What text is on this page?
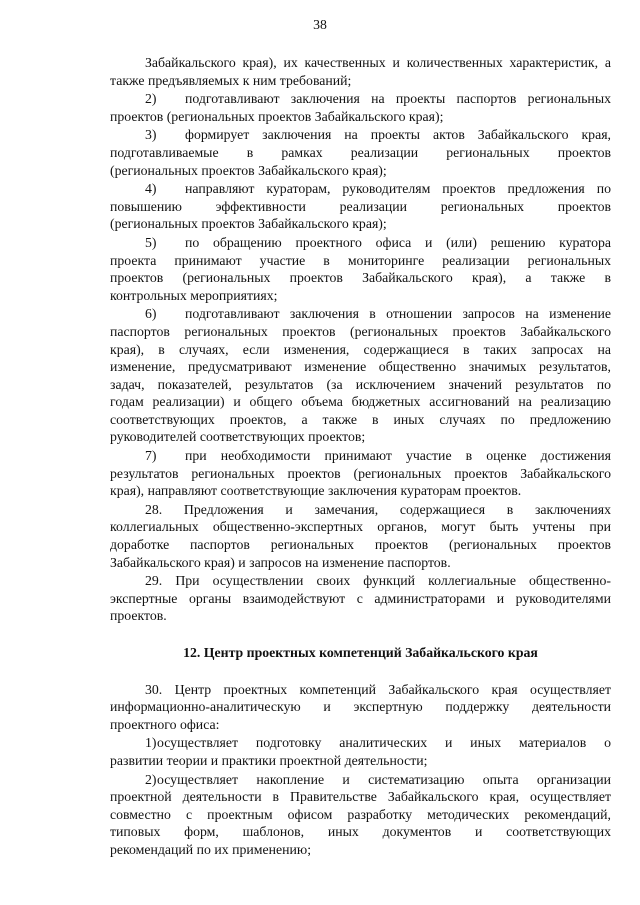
38
Забайкальского края), их качественных и количественных характеристик, а
также предъявляемых к ним требований;
2) подготавливают заключения на проекты паспортов региональных
проектов (региональных проектов Забайкальского края);
3) формирует заключения на проекты актов Забайкальского края,
подготавливаемые в рамках реализации региональных проектов
(региональных проектов Забайкальского края);
4) направляют кураторам, руководителям проектов предложения по
повышению эффективности реализации региональных проектов
(региональных проектов Забайкальского края);
5) по обращению проектного офиса и (или) решению куратора
проекта принимают участие в мониторинге реализации региональных
проектов (региональных проектов Забайкальского края), а также в
контрольных мероприятиях;
6) подготавливают заключения в отношении запросов на изменение
паспортов региональных проектов (региональных проектов Забайкальского
края), в случаях, если изменения, содержащиеся в таких запросах на
изменение, предусматривают изменение общественно значимых результатов,
задач, показателей, результатов (за исключением значений результатов по
годам реализации) и общего объема бюджетных ассигнований на реализацию
соответствующих проектов, а также в иных случаях по предложению
руководителей соответствующих проектов;
7) при необходимости принимают участие в оценке достижения
результатов региональных проектов (региональных проектов Забайкальского
края), направляют соответствующие заключения кураторам проектов.
28. Предложения и замечания, содержащиеся в заключениях
коллегиальных общественно-экспертных органов, могут быть учтены при
доработке паспортов региональных проектов (региональных проектов
Забайкальского края) и запросов на изменение паспортов.
29. При осуществлении своих функций коллегиальные общественно-
экспертные органы взаимодействуют с администраторами и руководителями
проектов.
12. Центр проектных компетенций Забайкальского края
30. Центр проектных компетенций Забайкальского края осуществляет
информационно-аналитическую и экспертную поддержку деятельности
проектного офиса:
1)осуществляет подготовку аналитических и иных материалов о
развитии теории и практики проектной деятельности;
2)осуществляет накопление и систематизацию опыта организации
проектной деятельности в Правительстве Забайкальского края, осуществляет
совместно с проектным офисом разработку методических рекомендаций,
типовых форм, шаблонов, иных документов и соответствующих
рекомендаций по их применению;
